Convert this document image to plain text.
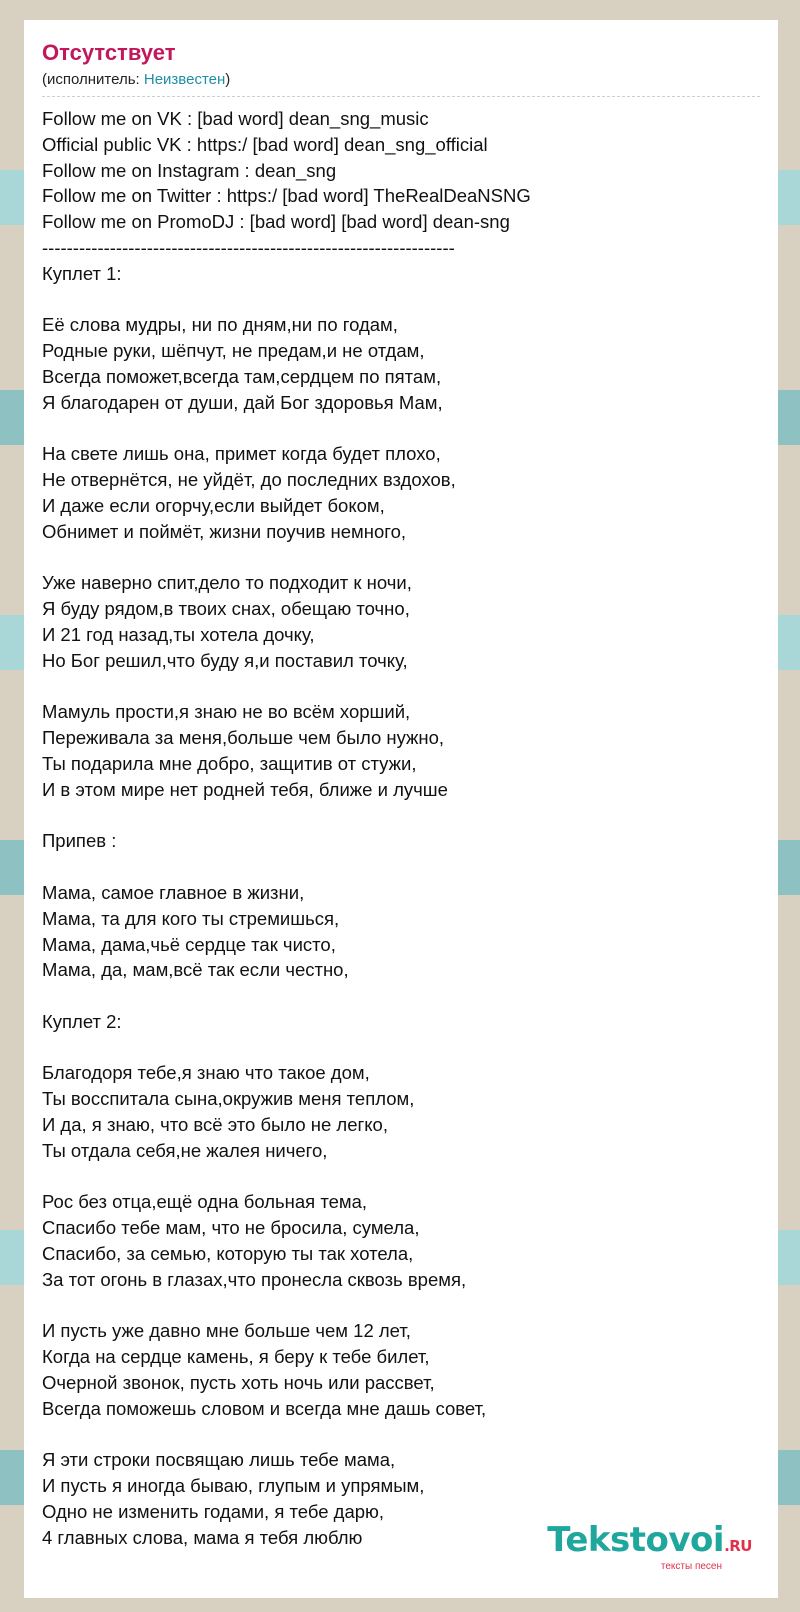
Отсутствует
(исполнитель: Неизвестен)
Follow me on VK : [bad word] dean_sng_music
Official public VK : https:/ [bad word] dean_sng_official
Follow me on Instagram : dean_sng
Follow me on Twitter : https:/ [bad word] TheRealDeaNSNG
Follow me on PromoDJ : [bad word] [bad word] dean-sng
-------------------------------------------------------------------
Куплет 1:

Её слова мудры, ни по дням,ни по годам,
Родные руки, шёпчут, не предам,и не отдам,
Всегда поможет,всегда там,сердцем по пятам,
Я благодарен от души, дай Бог здоровья Мам,

На свете лишь она, примет когда будет плохо,
Не отвернётся, не уйдёт, до последних вздохов,
И даже если огорчу,если выйдет боком,
Обнимет и поймёт, жизни поучив немного,

Уже наверно спит,дело то подходит к ночи,
Я буду рядом,в твоих снах, обещаю точно,
И 21 год назад,ты хотела дочку,
Но Бог решил,что буду я,и поставил точку,

Мамуль прости,я знаю не во всём хорший,
Переживала за меня,больше чем было нужно,
Ты подарила мне добро, защитив от стужи,
И в этом мире нет родней тебя, ближе и лучше

Припев :

Мама, самое главное в жизни,
Мама, та для кого ты стремишься,
Мама, дама,чьё сердце так чисто,
Мама, да, мам,всё так если честно,

Куплет 2:

Благодоря тебе,я знаю что такое дом,
Ты восспитала сына,окружив меня теплом,
И да, я знаю, что всё это было не легко,
Ты отдала себя,не жалея ничего,

Рос без отца,ещё одна больная тема,
Спасибо тебе мам, что не бросила, сумела,
Спасибо, за семью, которую ты так хотела,
За тот огонь в глазах,что пронесла сквозь время,

И пусть уже давно мне больше чем 12 лет,
Когда на сердце камень, я беру к тебе билет,
Очерной звонок, пусть хоть ночь или рассвет,
Всегда поможешь словом и всегда мне дашь совет,

Я эти строки посвящаю лишь тебе мама,
И пусть я иногда бываю, глупым и упрямым,
Одно не изменить годами, я тебе дарю,
4 главных слова, мама я тебя люблю	Tekstovoi.RU
тексты песен
